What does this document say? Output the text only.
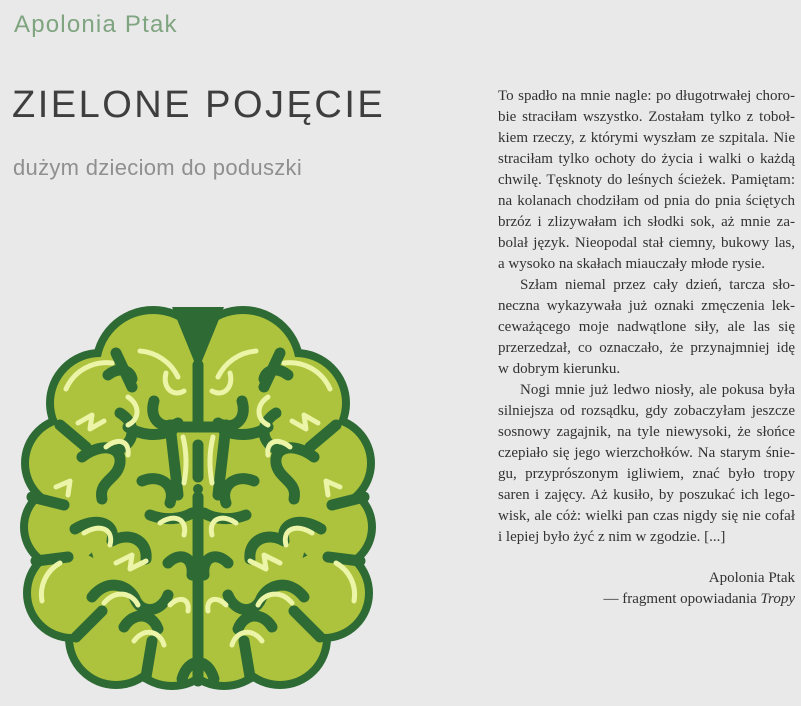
Apolonia Ptak
ZIELONE POJĘCIE
dużym dzieciom do poduszki
To spadło na mnie nagle: po długotrwałej choro-
bie straciłam wszystko. Zostałam tylko z toboł-
kiem rzeczy, z którymi wyszłam ze szpitala. Nie
straciłam tylko ochoty do życia i walki o każdą
chwilę. Tęsknoty do leśnych ścieżek. Pamiętam:
na kolanach chodziłam od pnia do pnia ściętych
brzóz i zlizywałam ich słodki sok, aż mnie za-
bolał język. Nieopodal stał ciemny, bukowy las,
a wysoko na skałach miauczały młode rysie.
Szłam niemal przez cały dzień, tarcza sło-
neczna wykazywała już oznaki zmęczenia lek-
ceważącego moje nadwątlone siły, ale las się
przerzedzał, co oznaczało, że przynajmniej idę
w dobrym kierunku.
Nogi mnie już ledwo niosły, ale pokusa była
silniejsza od rozsądku, gdy zobaczyłam jeszcze
sosnowy zagajnik, na tyle niewysoki, że słońce
czepiało się jego wierzchołków. Na starym śnie-
gu, przyprószonym igliwiem, znać było tropy
saren i zajęcy. Aż kusiło, by poszukać ich lego-
wisk, ale cóż: wielki pan czas nigdy się nie cofał
i lepiej było żyć z nim w zgodzie. [...]
Apolonia Ptak
— fragment opowiadania Tropy
